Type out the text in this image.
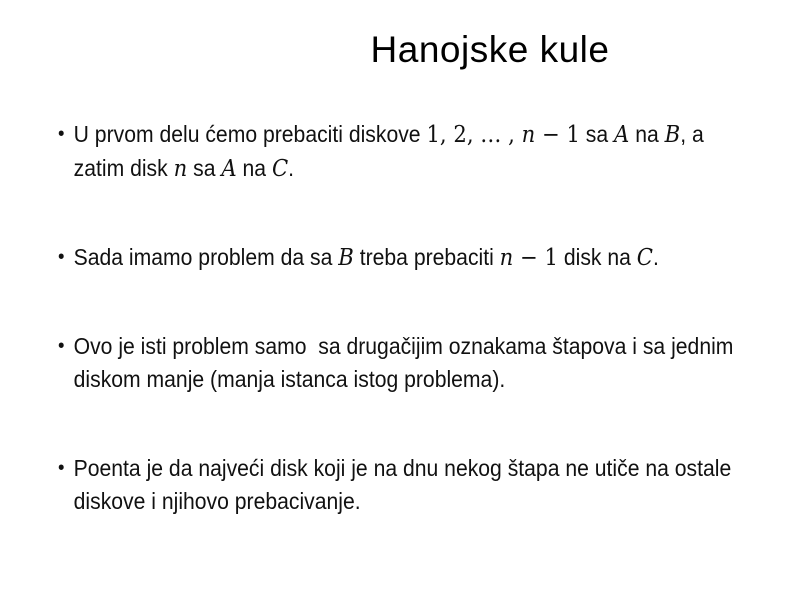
Hanojske kule
• U prvom delu ćemo prebaciti diskove 1, 2, … , n − 1 sa A na B, a
zatim disk n sa A na C.
• Sada imamo problem da sa B treba prebaciti n − 1 disk na C.
• Ovo je isti problem samo  sa drugačijim oznakama štapova i sa jednim
diskom manje (manja istanca istog problema).
• Poenta je da najveći disk koji je na dnu nekog štapa ne utiče na ostale
diskove i njihovo prebacivanje.
